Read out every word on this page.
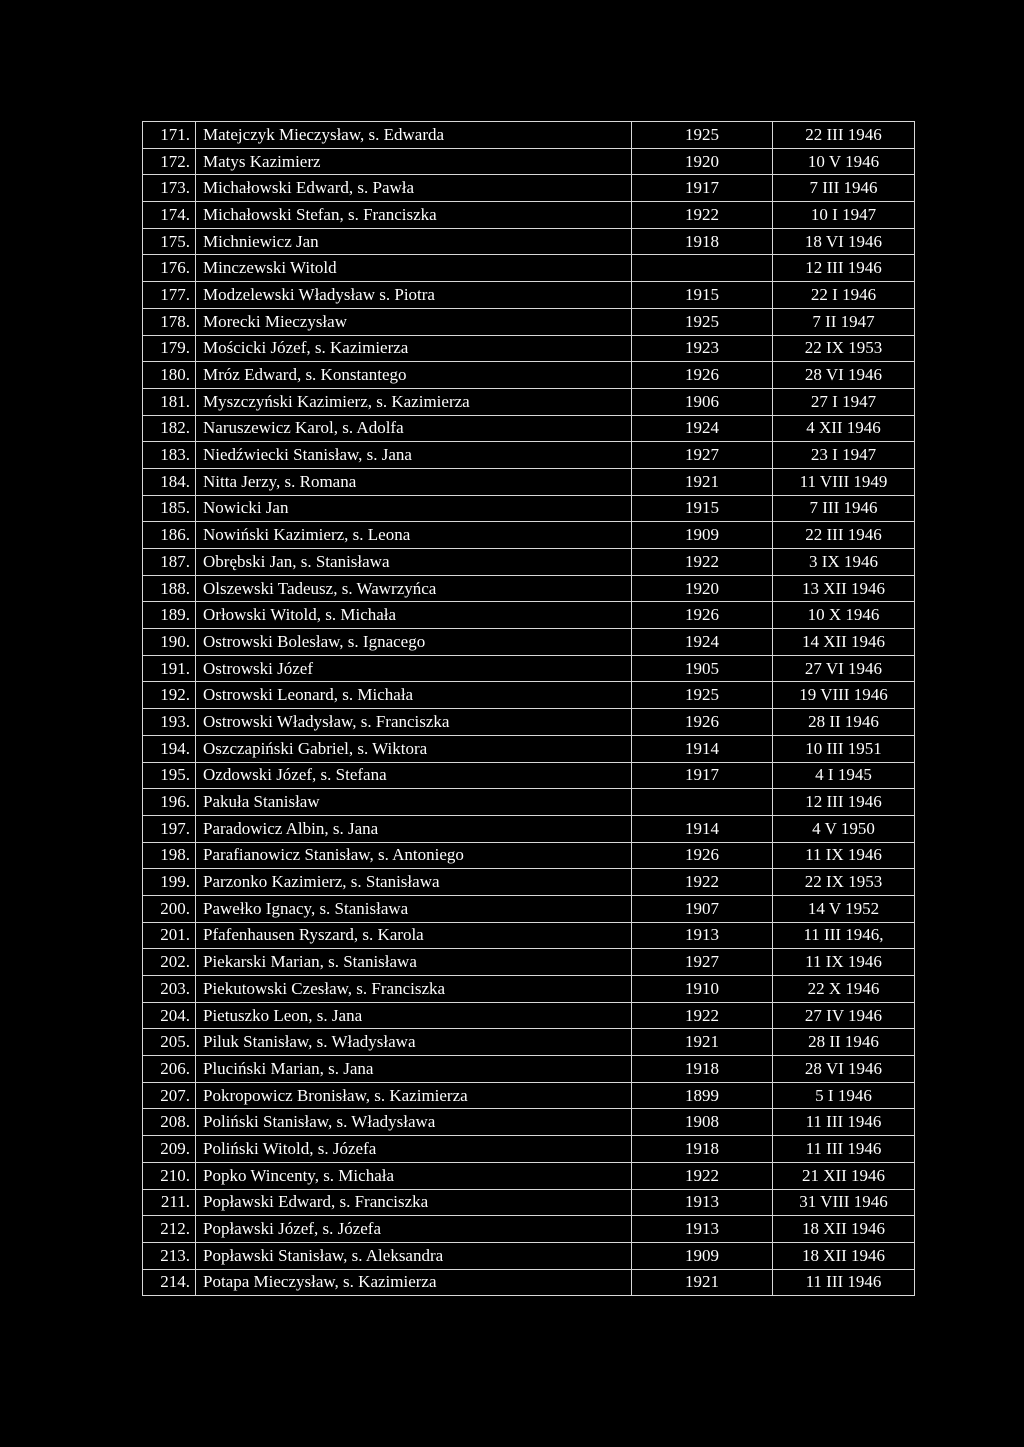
171.	Matejczyk Mieczysław, s. Edwarda	1925	22 III 1946
172.	Matys Kazimierz	1920	10 V 1946
173.	Michałowski Edward, s. Pawła	1917	7 III 1946
174.	Michałowski Stefan, s. Franciszka	1922	10 I 1947
175.	Michniewicz Jan	1918	18 VI 1946
176.	Minczewski Witold		12 III 1946
177.	Modzelewski Władysław s. Piotra	1915	22 I 1946
178.	Morecki Mieczysław	1925	7 II 1947
179.	Mościcki Józef, s. Kazimierza	1923	22 IX 1953
180.	Mróz Edward, s. Konstantego	1926	28 VI 1946
181.	Myszczyński Kazimierz, s. Kazimierza	1906	27 I 1947
182.	Naruszewicz Karol, s. Adolfa	1924	4 XII 1946
183.	Niedźwiecki Stanisław, s. Jana	1927	23 I 1947
184.	Nitta Jerzy, s. Romana	1921	11 VIII 1949
185.	Nowicki Jan	1915	7 III 1946
186.	Nowiński Kazimierz, s. Leona	1909	22 III 1946
187.	Obrębski Jan, s. Stanisława	1922	3 IX 1946
188.	Olszewski Tadeusz, s. Wawrzyńca	1920	13 XII 1946
189.	Orłowski Witold, s. Michała	1926	10 X 1946
190.	Ostrowski Bolesław, s. Ignacego	1924	14 XII 1946
191.	Ostrowski Józef	1905	27 VI 1946
192.	Ostrowski Leonard, s. Michała	1925	19 VIII 1946
193.	Ostrowski Władysław, s. Franciszka	1926	28 II 1946
194.	Oszczapiński Gabriel, s. Wiktora	1914	10 III 1951
195.	Ozdowski Józef, s. Stefana	1917	4 I 1945
196.	Pakuła Stanisław		12 III 1946
197.	Paradowicz Albin, s. Jana	1914	4 V 1950
198.	Parafianowicz Stanisław, s. Antoniego	1926	11 IX 1946
199.	Parzonko Kazimierz, s. Stanisława	1922	22 IX 1953
200.	Pawełko Ignacy, s. Stanisława	1907	14 V 1952
201.	Pfafenhausen Ryszard, s. Karola	1913	11 III 1946,
202.	Piekarski Marian, s. Stanisława	1927	11 IX 1946
203.	Piekutowski Czesław, s. Franciszka	1910	22 X 1946
204.	Pietuszko Leon, s. Jana	1922	27 IV 1946
205.	Piluk Stanisław, s. Władysława	1921	28 II 1946
206.	Pluciński Marian, s. Jana	1918	28 VI 1946
207.	Pokropowicz Bronisław, s. Kazimierza	1899	5 I 1946
208.	Poliński Stanisław, s. Władysława	1908	11 III 1946
209.	Poliński Witold, s. Józefa	1918	11 III 1946
210.	Popko Wincenty, s. Michała	1922	21 XII 1946
211.	Popławski Edward, s. Franciszka	1913	31 VIII 1946
212.	Popławski Józef, s. Józefa	1913	18 XII 1946
213.	Popławski Stanisław, s. Aleksandra	1909	18 XII 1946
214.	Potapa Mieczysław, s. Kazimierza	1921	11 III 1946
